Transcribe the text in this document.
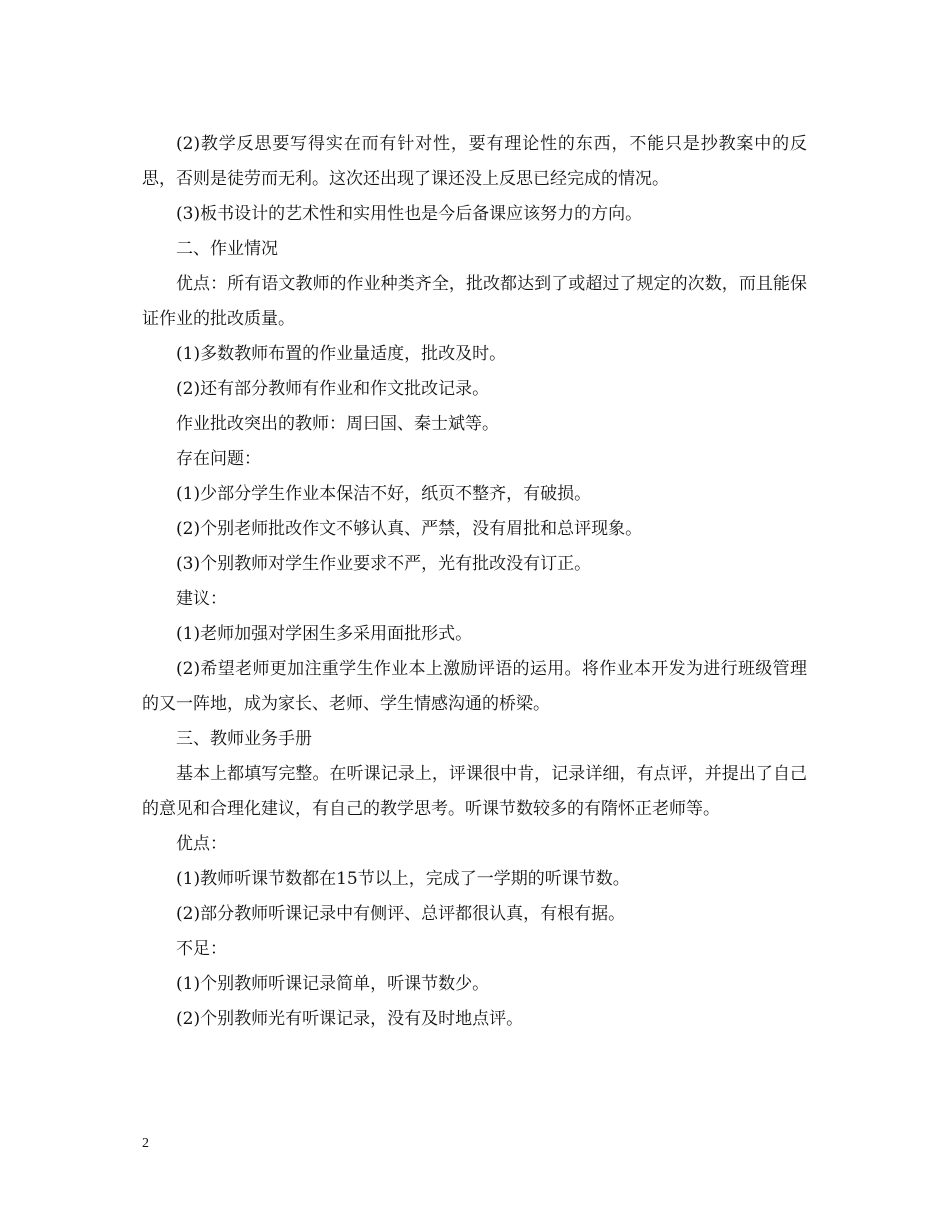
(2)教学反思要写得实在而有针对性，要有理论性的东西，不能只是抄教案中的反思，否则是徒劳而无利。这次还出现了课还没上反思已经完成的情况。

(3)板书设计的艺术性和实用性也是今后备课应该努力的方向。

二、作业情况

优点：所有语文教师的作业种类齐全，批改都达到了或超过了规定的次数，而且能保证作业的批改质量。

(1)多数教师布置的作业量适度，批改及时。

(2)还有部分教师有作业和作文批改记录。

作业批改突出的教师：周曰国、秦士斌等。

存在问题：

(1)少部分学生作业本保洁不好，纸页不整齐，有破损。

(2)个别老师批改作文不够认真、严禁，没有眉批和总评现象。

(3)个别教师对学生作业要求不严，光有批改没有订正。

建议：

(1)老师加强对学困生多采用面批形式。

(2)希望老师更加注重学生作业本上激励评语的运用。将作业本开发为进行班级管理的又一阵地，成为家长、老师、学生情感沟通的桥梁。

三、教师业务手册

基本上都填写完整。在听课记录上，评课很中肯，记录详细，有点评，并提出了自己的意见和合理化建议，有自己的教学思考。听课节数较多的有隋怀正老师等。

优点：

(1)教师听课节数都在15节以上，完成了一学期的听课节数。

(2)部分教师听课记录中有侧评、总评都很认真，有根有据。

不足：

(1)个别教师听课记录简单，听课节数少。

(2)个别教师光有听课记录，没有及时地点评。

2
